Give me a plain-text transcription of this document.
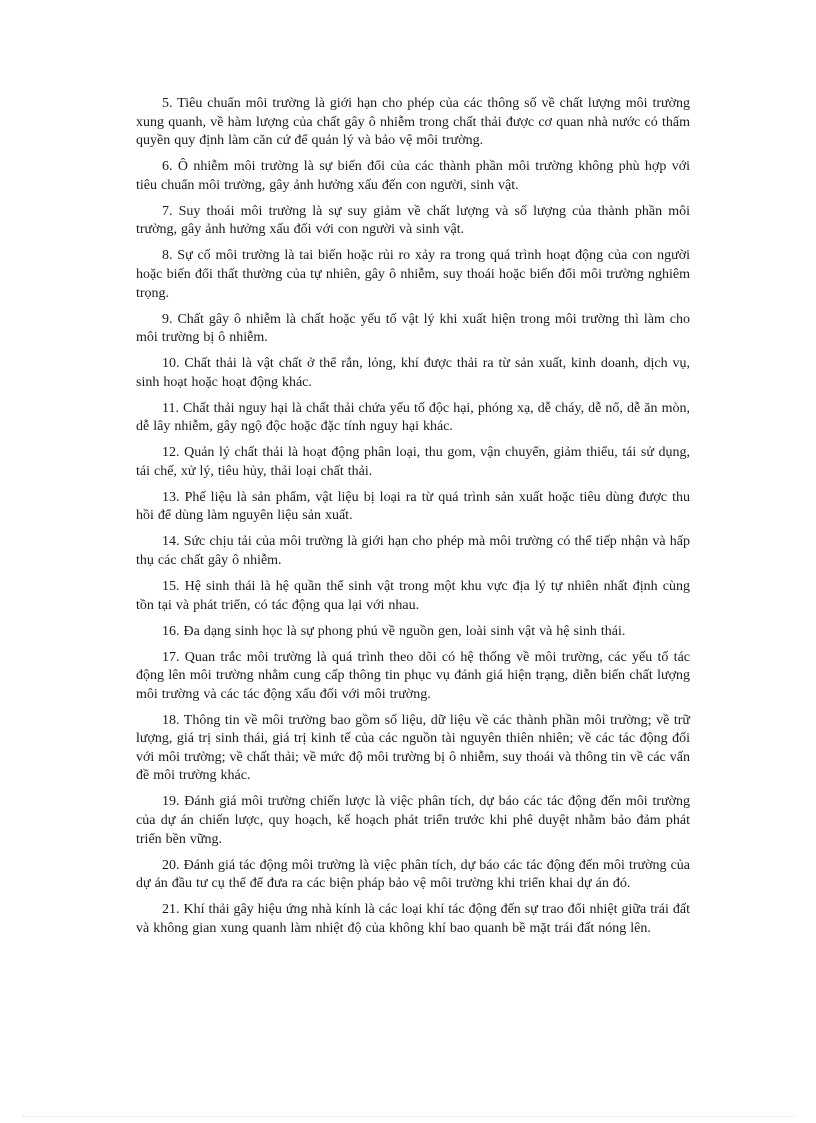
5. Tiêu chuẩn môi trường là giới hạn cho phép của các thông số về chất lượng môi trường xung quanh, về hàm lượng của chất gây ô nhiễm trong chất thải được cơ quan nhà nước có thẩm quyền quy định làm căn cứ để quản lý và bảo vệ môi trường.

6. Ô nhiễm môi trường là sự biến đổi của các thành phần môi trường không phù hợp với tiêu chuẩn môi trường, gây ảnh hưởng xấu đến con người, sinh vật.

7. Suy thoái môi trường là sự suy giảm về chất lượng và số lượng của thành phần môi trường, gây ảnh hưởng xấu đối với con người và sinh vật.

8. Sự cố môi trường là tai biến hoặc rủi ro xảy ra trong quá trình hoạt động của con người hoặc biến đổi thất thường của tự nhiên, gây ô nhiễm, suy thoái hoặc biến đổi môi trường nghiêm trọng.

9. Chất gây ô nhiễm là chất hoặc yếu tố vật lý khi xuất hiện trong môi trường thì làm cho môi trường bị ô nhiễm.

10. Chất thải là vật chất ở thể rắn, lỏng, khí được thải ra từ sản xuất, kinh doanh, dịch vụ, sinh hoạt hoặc hoạt động khác.

11. Chất thải nguy hại là chất thải chứa yếu tố độc hại, phóng xạ, dễ cháy, dễ nổ, dễ ăn mòn, dễ lây nhiễm, gây ngộ độc hoặc đặc tính nguy hại khác.

12. Quản lý chất thải là hoạt động phân loại, thu gom, vận chuyển, giảm thiểu, tái sử dụng, tái chế, xử lý, tiêu hủy, thải loại chất thải.

13. Phế liệu là sản phẩm, vật liệu bị loại ra từ quá trình sản xuất hoặc tiêu dùng được thu hồi để dùng làm nguyên liệu sản xuất.

14. Sức chịu tải của môi trường là giới hạn cho phép mà môi trường có thể tiếp nhận và hấp thụ các chất gây ô nhiễm.

15. Hệ sinh thái là hệ quần thể sinh vật trong một khu vực địa lý tự nhiên nhất định cùng tồn tại và phát triển, có tác động qua lại với nhau.

16. Đa dạng sinh học là sự phong phú về nguồn gen, loài sinh vật và hệ sinh thái.

17. Quan trắc môi trường là quá trình theo dõi có hệ thống về môi trường, các yếu tố tác động lên môi trường nhằm cung cấp thông tin phục vụ đánh giá hiện trạng, diễn biến chất lượng môi trường và các tác động xấu đối với môi trường.

18. Thông tin về môi trường bao gồm số liệu, dữ liệu về các thành phần môi trường; về trữ lượng, giá trị sinh thái, giá trị kinh tế của các nguồn tài nguyên thiên nhiên; về các tác động đối với môi trường; về chất thải; về mức độ môi trường bị ô nhiễm, suy thoái và thông tin về các vấn đề môi trường khác.

19. Đánh giá môi trường chiến lược là việc phân tích, dự báo các tác động đến môi trường của dự án chiến lược, quy hoạch, kế hoạch phát triển trước khi phê duyệt nhằm bảo đảm phát triển bền vững.

20. Đánh giá tác động môi trường là việc phân tích, dự báo các tác động đến môi trường của dự án đầu tư cụ thể để đưa ra các biện pháp bảo vệ môi trường khi triển khai dự án đó.

21. Khí thải gây hiệu ứng nhà kính là các loại khí tác động đến sự trao đổi nhiệt giữa trái đất và không gian xung quanh làm nhiệt độ của không khí bao quanh bề mặt trái đất nóng lên.
